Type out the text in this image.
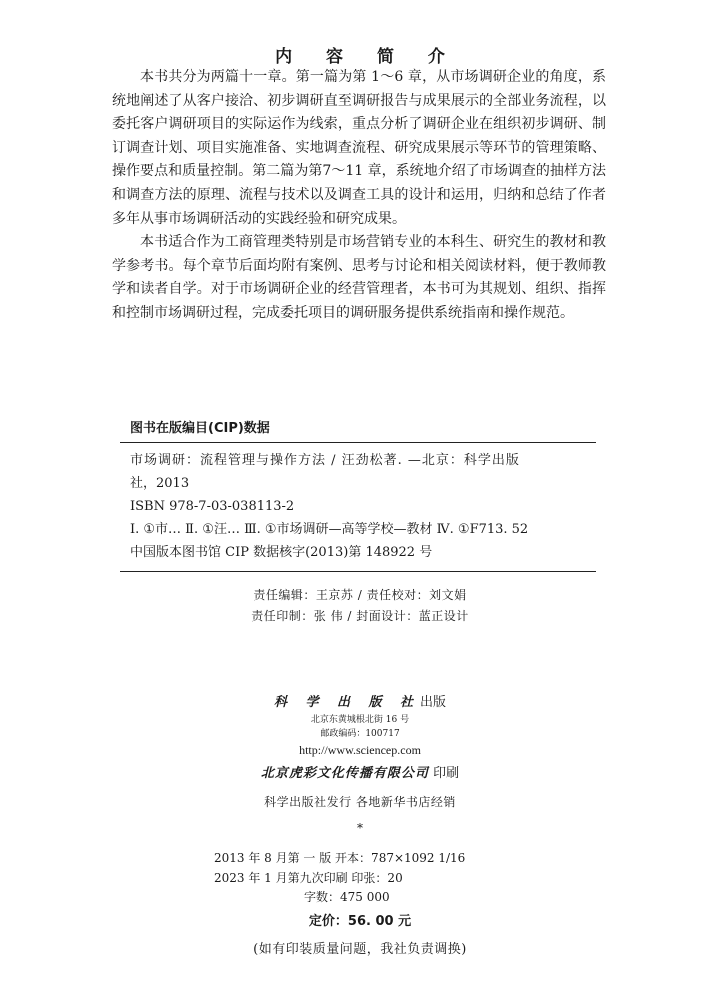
内 容 简 介

本书共分为两篇十一章。第一篇为第 1～6 章，从市场调研企业的角度，系统地阐述了从客户接洽、初步调研直至调研报告与成果展示的全部业务流程，以委托客户调研项目的实际运作为线索，重点分析了调研企业在组织初步调研、制订调查计划、项目实施准备、实地调查流程、研究成果展示等环节的管理策略、操作要点和质量控制。第二篇为第7～11 章，系统地介绍了市场调查的抽样方法和调查方法的原理、流程与技术以及调查工具的设计和运用，归纳和总结了作者多年从事市场调研活动的实践经验和研究成果。

本书适合作为工商管理类特别是市场营销专业的本科生、研究生的教材和教学参考书。每个章节后面均附有案例、思考与讨论和相关阅读材料，便于教师教学和读者自学。对于市场调研企业的经营管理者，本书可为其规划、组织、指挥和控制市场调研过程，完成委托项目的调研服务提供系统指南和操作规范。

图书在版编目(CIP)数据
市场调研：流程管理与操作方法 / 汪劲松著. —北京：科学出版
社，2013
ISBN 978-7-03-038113-2
Ⅰ. ①市… Ⅱ. ①汪… Ⅲ. ①市场调研—高等学校—教材 Ⅳ. ①F713. 52
中国版本图书馆 CIP 数据核字(2013)第 148922 号
责任编辑：王京苏 / 责任校对：刘文娟
责任印制：张 伟 / 封面设计：蓝正设计
科 学 出 版 社出版
北京东黄城根北街 16 号
邮政编码：100717
http://www.sciencep.com
北京虎彩文化传播有限公司 印刷
科学出版社发行 各地新华书店经销
*
2013 年 8 月第 一 版 开本：787×1092 1/16
2023 年 1 月第九次印刷 印张：20
字数：475 000
定价：56. 00 元
(如有印装质量问题，我社负责调换)
